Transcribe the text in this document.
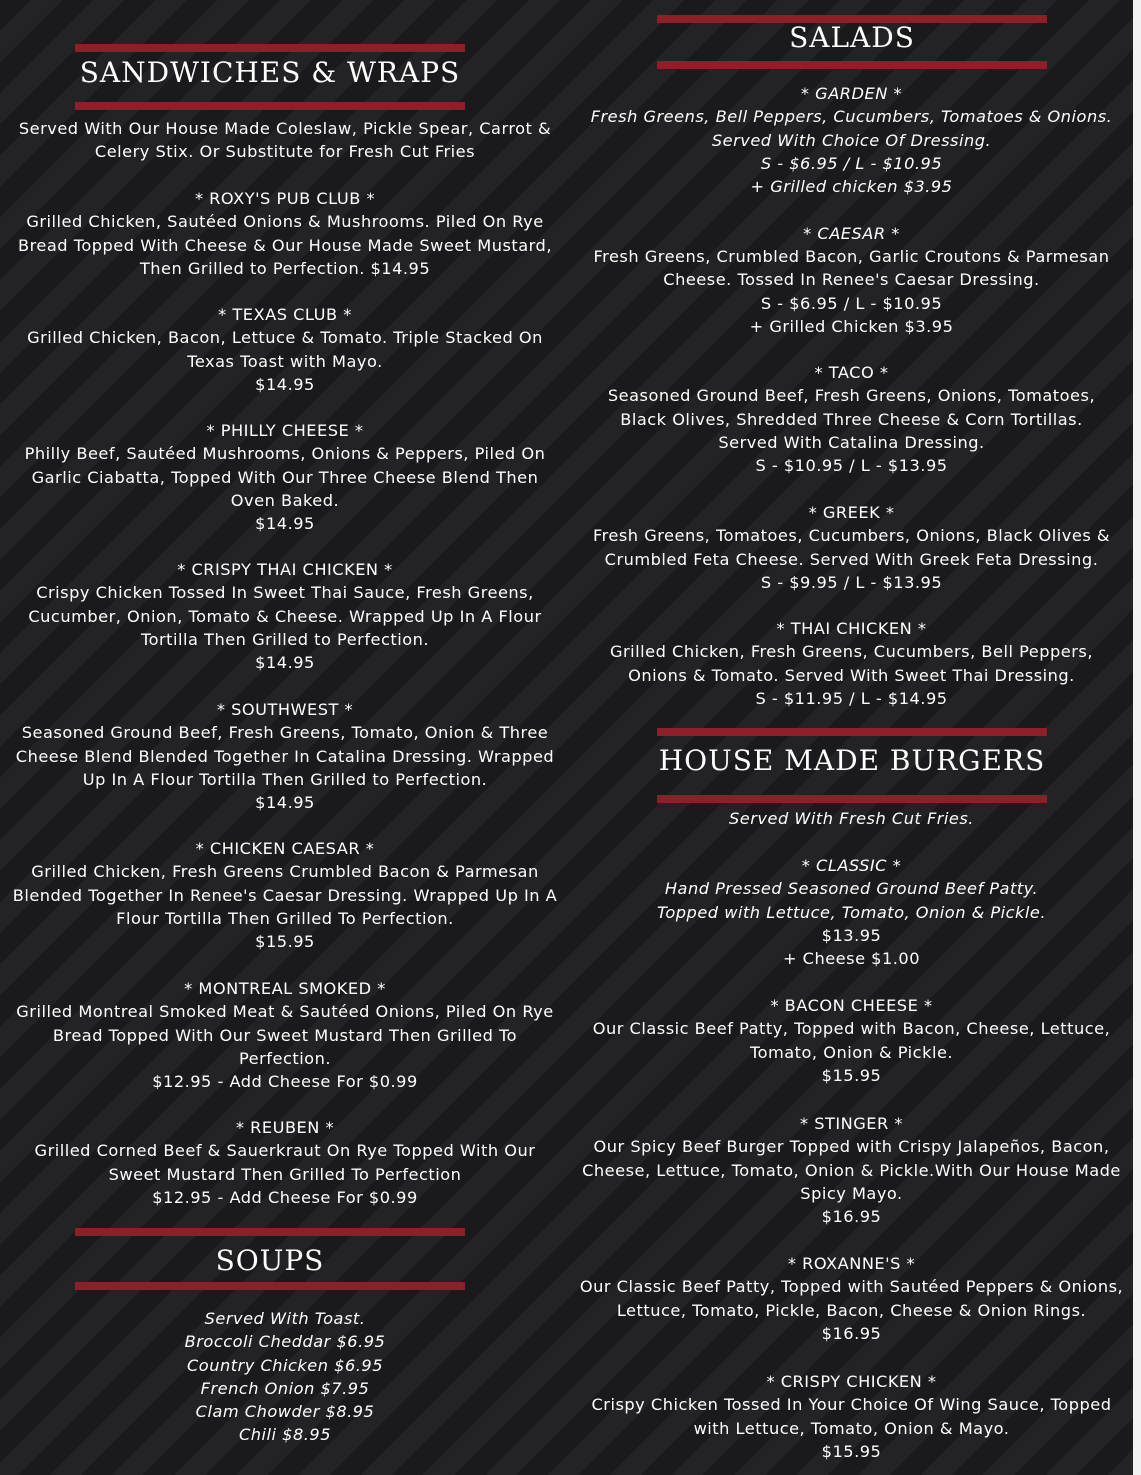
SANDWICHES & WRAPS
Served With Our House Made Coleslaw, Pickle Spear, Carrot &
Celery Stix. Or Substitute for Fresh Cut Fries
* ROXY'S PUB CLUB *
Grilled Chicken, Sautéed Onions & Mushrooms. Piled On Rye
Bread Topped With Cheese & Our House Made Sweet Mustard,
Then Grilled to Perfection. $14.95
* TEXAS CLUB *
Grilled Chicken, Bacon, Lettuce & Tomato. Triple Stacked On
Texas Toast with Mayo.
$14.95
* PHILLY CHEESE *
Philly Beef, Sautéed Mushrooms, Onions & Peppers, Piled On
Garlic Ciabatta, Topped With Our Three Cheese Blend Then
Oven Baked.
$14.95
* CRISPY THAI CHICKEN *
Crispy Chicken Tossed In Sweet Thai Sauce, Fresh Greens,
Cucumber, Onion, Tomato & Cheese. Wrapped Up In A Flour
Tortilla Then Grilled to Perfection.
$14.95
* SOUTHWEST *
Seasoned Ground Beef, Fresh Greens, Tomato, Onion & Three
Cheese Blend Blended Together In Catalina Dressing. Wrapped
Up In A Flour Tortilla Then Grilled to Perfection.
$14.95
* CHICKEN CAESAR *
Grilled Chicken, Fresh Greens Crumbled Bacon & Parmesan
Blended Together In Renee's Caesar Dressing. Wrapped Up In A
Flour Tortilla Then Grilled To Perfection.
$15.95
* MONTREAL SMOKED *
Grilled Montreal Smoked Meat & Sautéed Onions, Piled On Rye
Bread Topped With Our Sweet Mustard Then Grilled To
Perfection.
$12.95 - Add Cheese For $0.99
* REUBEN *
Grilled Corned Beef & Sauerkraut On Rye Topped With Our
Sweet Mustard Then Grilled To Perfection
$12.95 - Add Cheese For $0.99
SOUPS
Served With Toast.
Broccoli Cheddar $6.95
Country Chicken $6.95
French Onion $7.95
Clam Chowder $8.95
Chili $8.95
SALADS
* GARDEN *
Fresh Greens, Bell Peppers, Cucumbers, Tomatoes & Onions.
Served With Choice Of Dressing.
S - $6.95 / L - $10.95
+ Grilled chicken $3.95
* CAESAR *
Fresh Greens, Crumbled Bacon, Garlic Croutons & Parmesan
Cheese. Tossed In Renee's Caesar Dressing.
S - $6.95 / L - $10.95
+ Grilled Chicken $3.95
* TACO *
Seasoned Ground Beef, Fresh Greens, Onions, Tomatoes,
Black Olives, Shredded Three Cheese & Corn Tortillas.
Served With Catalina Dressing.
S - $10.95 / L - $13.95
* GREEK *
Fresh Greens, Tomatoes, Cucumbers, Onions, Black Olives &
Crumbled Feta Cheese. Served With Greek Feta Dressing.
S - $9.95 / L - $13.95
* THAI CHICKEN *
Grilled Chicken, Fresh Greens, Cucumbers, Bell Peppers,
Onions & Tomato. Served With Sweet Thai Dressing.
S - $11.95 / L - $14.95
HOUSE MADE BURGERS
Served With Fresh Cut Fries.
* CLASSIC *
Hand Pressed Seasoned Ground Beef Patty.
Topped with Lettuce, Tomato, Onion & Pickle.
$13.95
+ Cheese $1.00
* BACON CHEESE *
Our Classic Beef Patty, Topped with Bacon, Cheese, Lettuce,
Tomato, Onion & Pickle.
$15.95
* STINGER *
Our Spicy Beef Burger Topped with Crispy Jalapeños, Bacon,
Cheese, Lettuce, Tomato, Onion & Pickle.With Our House Made
Spicy Mayo.
$16.95
* ROXANNE'S *
Our Classic Beef Patty, Topped with Sautéed Peppers & Onions,
Lettuce, Tomato, Pickle, Bacon, Cheese & Onion Rings.
$16.95
* CRISPY CHICKEN *
Crispy Chicken Tossed In Your Choice Of Wing Sauce, Topped
with Lettuce, Tomato, Onion & Mayo.
$15.95
